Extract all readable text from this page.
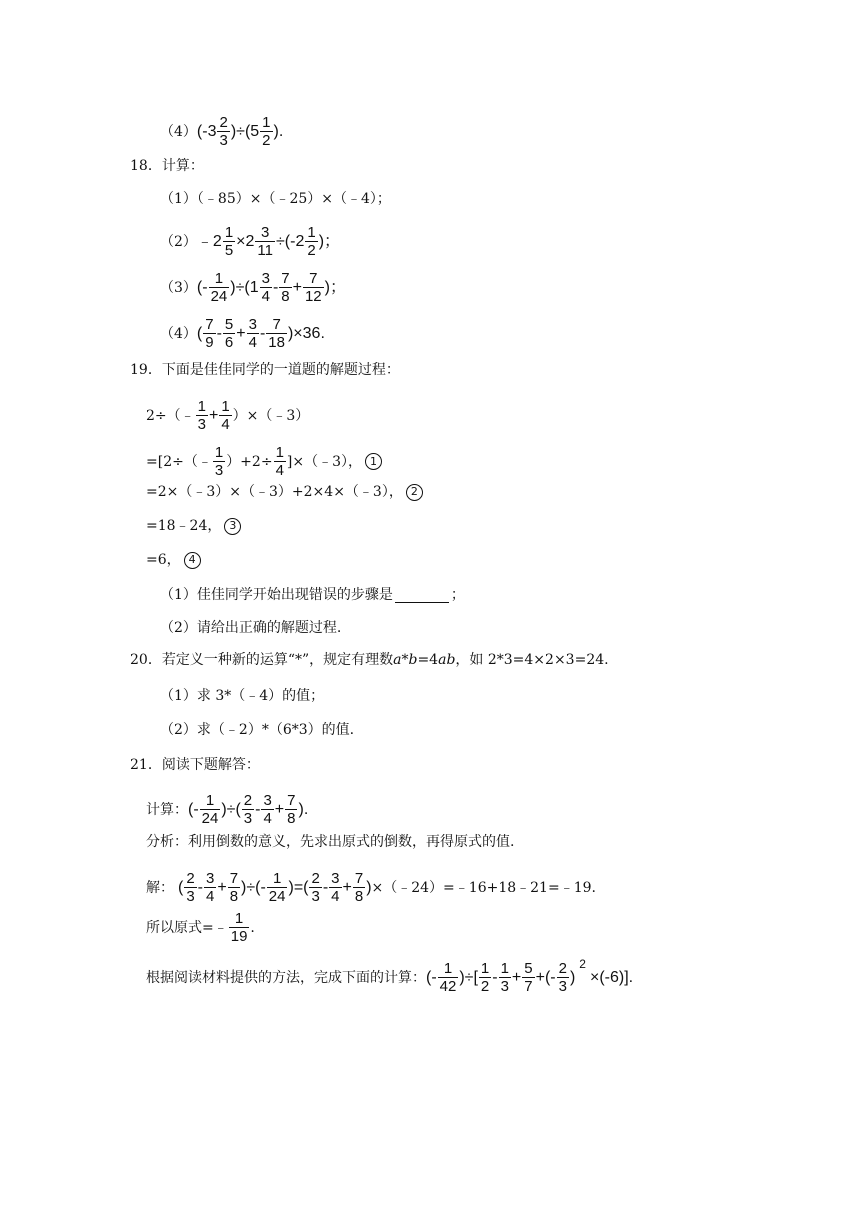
（4） $(-3 \frac{2}{3} )\div(5 \frac{1}{2}$ ) .
18．计算：
（1）（﹣85）×（﹣25）×（﹣4）；
（2） ﹣2 $\frac{1}{5} \times 2 \frac{3}{11} \div(-2 \frac{1}{2}$ )；
（3） (- $\frac{1}{24} )\div(1 \frac{3}{4} - \frac{7}{8} + \frac{7}{12}$ )；
（4） ( $\frac{7}{9} - \frac{5}{6} + \frac{3}{4} - \frac{7}{18} )\times 36$.
19．下面是佳佳同学的一道题的解题过程：
2÷（﹣ $\frac{1}{3} + \frac{1}{4}$ ）×（﹣3）
=[2÷（﹣ $\frac{1}{3} )+2\div \frac{1}{4}$ ]×（﹣3）， 1
=2×（﹣3）×（﹣3）+2×4×（﹣3）， 2
=18﹣24， 3
=6， 4
（1）佳佳同学开始出现错误的步骤是	；
（2）请给出正确的解题过程.
20．若定义一种新的运算“*”，规定有理数 a*b =4 ab ，如 2*3=4×2×3=24.
（1）求 3*（﹣4）的值；
（2）求（﹣2）*（6*3）的值.
21．阅读下题解答：
计算： (- $\frac{1}{24}$ )÷( $\frac{2}{3} - \frac{3}{4} + \frac{7}{8}$ ).
分析：利用倒数的意义，先求出原式的倒数，再得原式的值.
解： ( $\frac{2}{3} - \frac{3}{4} + \frac{7}{8}$ )÷(- $\frac{1}{24}$ )=( $\frac{2}{3} - \frac{3}{4} + \frac{7}{8}$ ) ×（﹣24）=﹣16+18﹣21=﹣19.
所以原式=﹣ $\frac{1}{19}$ .
根据阅读材料提供的方法，完成下面的计算： (- $\frac{1}{42}$ )÷[ $\frac{1}{2} - \frac{1}{3} + \frac{5}{7}$ +(- $\frac{2}{3}$ )
2
×(-6)].
